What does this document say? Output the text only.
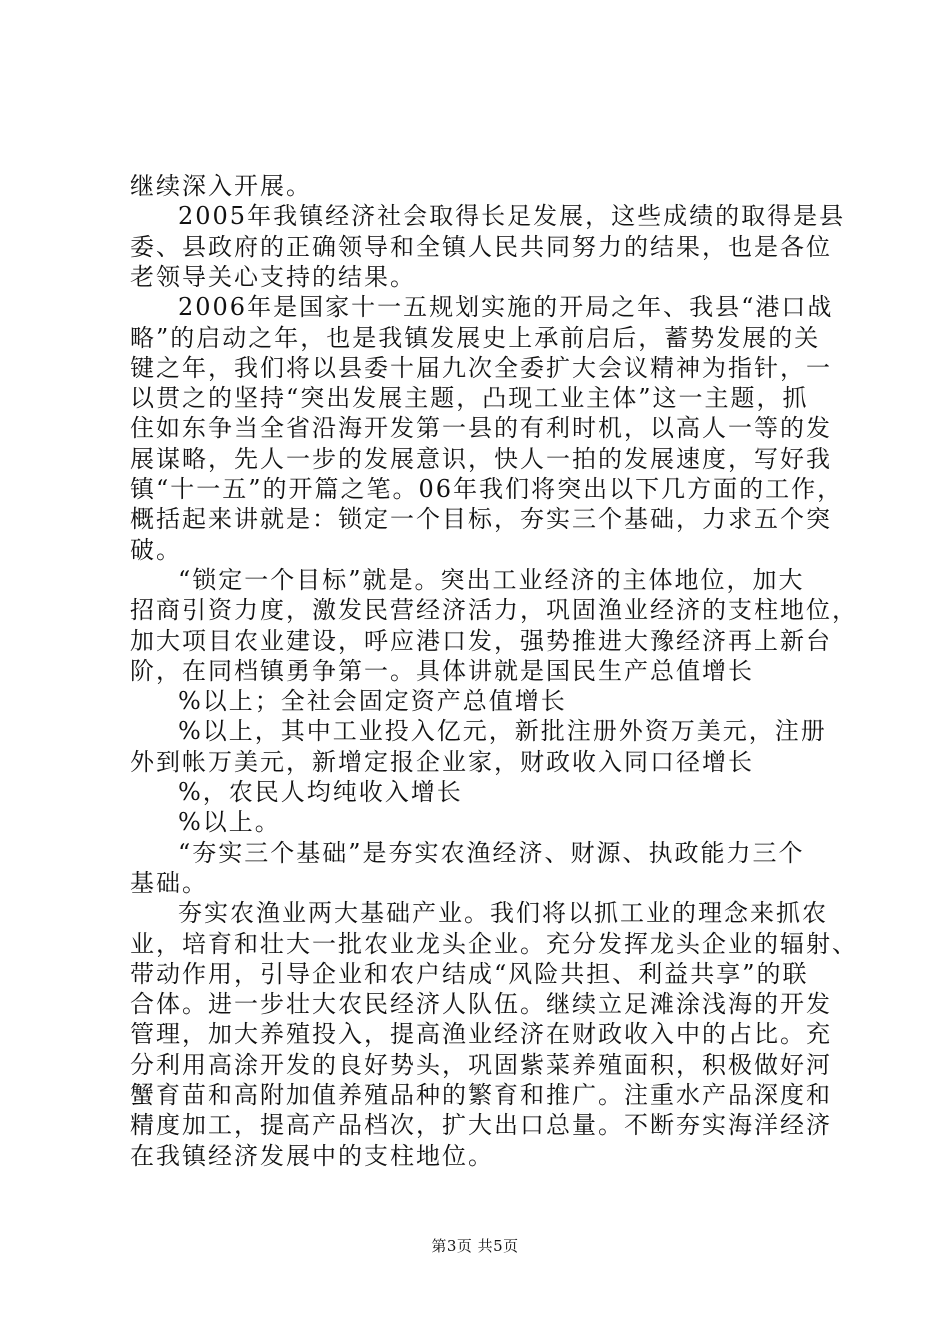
继续深入开展。
2005年我镇经济社会取得长足发展，这些成绩的取得是县
委、县政府的正确领导和全镇人民共同努力的结果，也是各位
老领导关心支持的结果。
2006年是国家十一五规划实施的开局之年、我县“港口战
略”的启动之年，也是我镇发展史上承前启后，蓄势发展的关
键之年，我们将以县委十届九次全委扩大会议精神为指针，一
以贯之的坚持“突出发展主题，凸现工业主体”这一主题，抓
住如东争当全省沿海开发第一县的有利时机，以高人一等的发
展谋略，先人一步的发展意识，快人一拍的发展速度，写好我
镇“十一五”的开篇之笔。06年我们将突出以下几方面的工作，
概括起来讲就是：锁定一个目标，夯实三个基础，力求五个突
破。
“锁定一个目标”就是。突出工业经济的主体地位，加大
招商引资力度，激发民营经济活力，巩固渔业经济的支柱地位，
加大项目农业建设，呼应港口发，强势推进大豫经济再上新台
阶，在同档镇勇争第一。具体讲就是国民生产总值增长
%以上；全社会固定资产总值增长
%以上，其中工业投入亿元，新批注册外资万美元，注册
外到帐万美元，新增定报企业家，财政收入同口径增长
%，农民人均纯收入增长
%以上。
“夯实三个基础”是夯实农渔经济、财源、执政能力三个
基础。
夯实农渔业两大基础产业。我们将以抓工业的理念来抓农
业，培育和壮大一批农业龙头企业。充分发挥龙头企业的辐射、
带动作用，引导企业和农户结成“风险共担、利益共享”的联
合体。进一步壮大农民经济人队伍。继续立足滩涂浅海的开发
管理，加大养殖投入，提高渔业经济在财政收入中的占比。充
分利用高涂开发的良好势头，巩固紫菜养殖面积，积极做好河
蟹育苗和高附加值养殖品种的繁育和推广。注重水产品深度和
精度加工，提高产品档次，扩大出口总量。不断夯实海洋经济
在我镇经济发展中的支柱地位。
第3页 共5页
